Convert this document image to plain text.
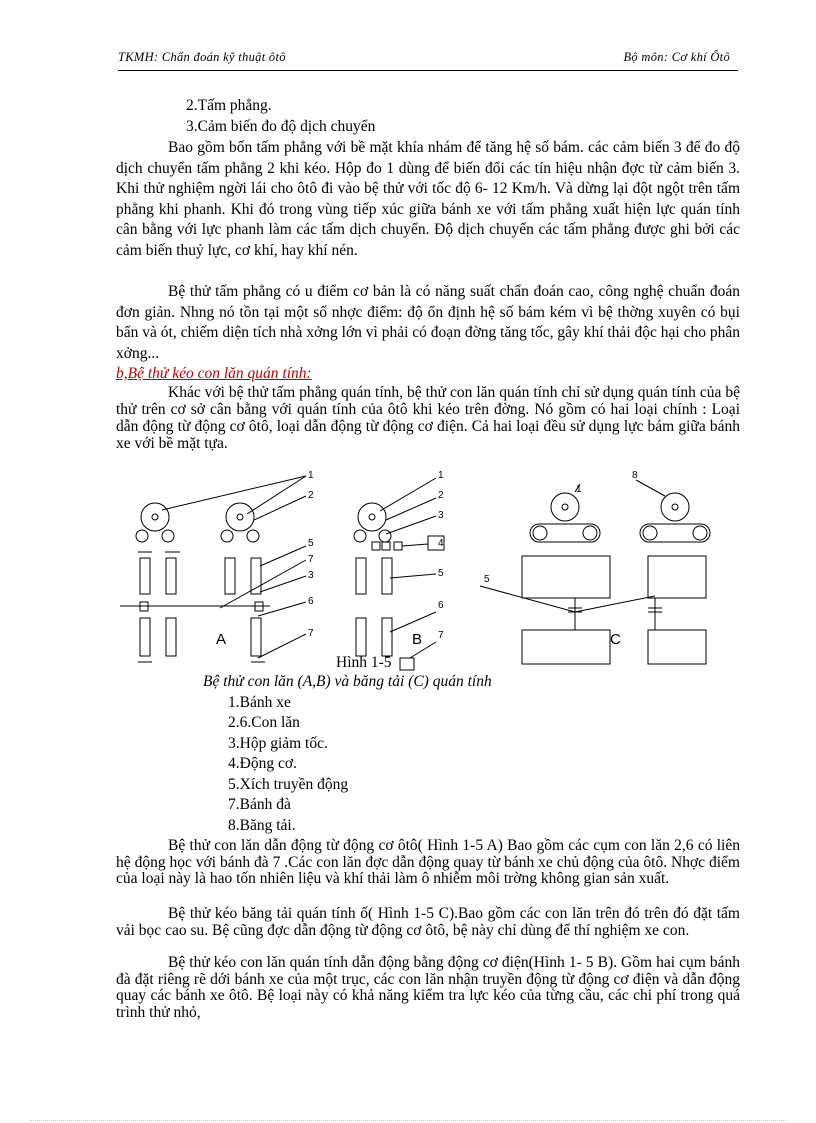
TKMH: Chẩn đoán kỹ thuật ôtô	Bộ môn: Cơ khí Ôtô
2.Tấm phẳng.
3.Cảm biến đo độ dịch chuyển
Bao gồm bốn tấm phẳng với bề mặt khía nhám để tăng hệ số bám. các cảm biến 3 để đo độ dịch chuyển tấm phẳng 2 khi kéo. Hộp đo 1 dùng để biến đổi các tín hiệu nhận đợc từ cảm biến 3. Khi thử nghiệm ngời lái cho ôtô đi vào bệ thử với tốc độ 6- 12 Km/h. Và dừng lại đột ngột trên tấm phẳng khi phanh. Khi đó trong vùng tiếp xúc giữa bánh xe với tấm phẳng xuất hiện lực quán tính cân bằng với lực phanh làm các tấm dịch chuyển. Độ dịch chuyển các tấm phẳng được ghi bởi các cảm biến thuỷ lực, cơ khí, hay khí nén.
Bệ thử tấm phẳng có u điểm cơ bản là có năng suất chẩn đoán cao, công nghệ chuẩn đoán đơn giản. Nhng nó tồn tại một số nhợc điểm: độ ổn định hệ số bám kém vì bệ thờng xuyên có bụi bẩn và ót, chiếm diện tích nhà xởng lớn vì phải có đoạn đờng tăng tốc, gây khí thải độc hại cho phân xởng...
b,Bệ thử kéo con lăn quán tính:
Khác với bệ thử tấm phẳng quán tính, bệ thử con lăn quán tính chỉ sử dụng quán tính của bệ thử trên cơ sở cân bằng với quán tính của ôtô khi kéo trên đờng. Nó gồm có hai loại chính : Loại dẫn động từ động cơ ôtô, loại dẫn động từ động cơ điện. Cả hai loại đều sử dụng lực bám giữa bánh xe với bề mặt tựa.
1
2
5
7
3
6
7
1
2
3
4
5
6
7
1
8
5
A	B	C
Hình 1-5
Bệ thử con lăn (A,B) và băng tải (C) quán tính
1.Bánh xe
2.6.Con lăn
3.Hộp giảm tốc.
4.Động cơ.
5.Xích truyền động
7.Bánh đà
8.Băng tải.
Bệ thử con lăn dẫn động từ động cơ ôtô( Hình 1-5 A) Bao gồm các cụm con lăn 2,6 có liên hệ động học với bánh đà 7 .Các con lăn đợc dẫn động quay từ bánh xe chủ động của ôtô. Nhợc điểm của loại này là hao tốn nhiên liệu và khí thải làm ô nhiễm môi trờng không gian sản xuất.
Bệ thử kéo băng tải quán tính ố( Hình 1-5 C).Bao gồm các con lăn trên đó trên đó đặt tấm vải bọc cao su. Bệ cũng đợc dẫn động từ động cơ ôtô, bệ này chỉ dùng để thí nghiệm xe con.
Bệ thử kéo con lăn quán tính dẫn động bằng động cơ điện(Hình 1- 5 B). Gồm hai cụm bánh đà đặt riêng rẽ dới bánh xe của một trục, các con lăn nhận truyền động từ động cơ điện và dẫn động quay các bánh xe ôtô. Bệ loại này có khả năng kiểm tra lực kéo của từng cầu, các chi phí trong quá trình thử nhỏ,
